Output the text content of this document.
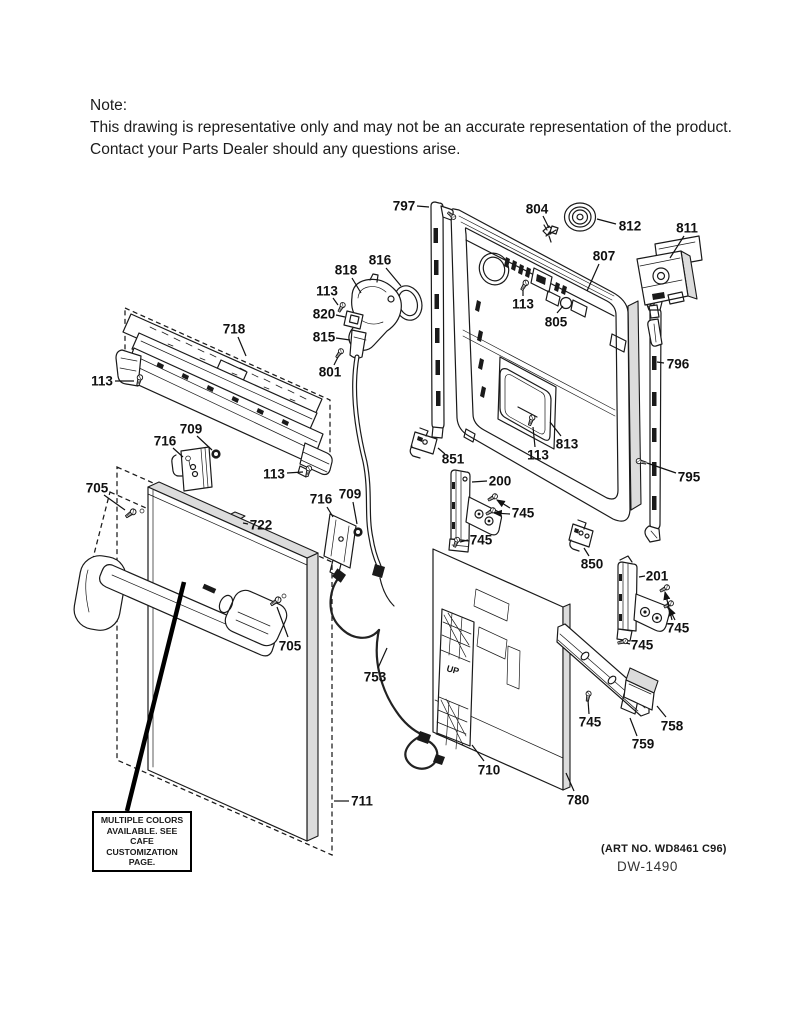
Note:
This drawing is representative only and may not be an accurate representation of the product.
Contact your Parts Dealer should any questions arise.
UP
797	804
812	811
807
113
805
796
795
813
113
851
200
745
745
850
201
745
745
745	758
759
780
710
753
711
718
113
709
716
113
716 709
722
705
705
816
818
113
820
815
801
MULTIPLE COLORS
AVAILABLE. SEE CAFE
CUSTOMIZATION PAGE.
(ART NO. WD8461 C96)
DW-1490
